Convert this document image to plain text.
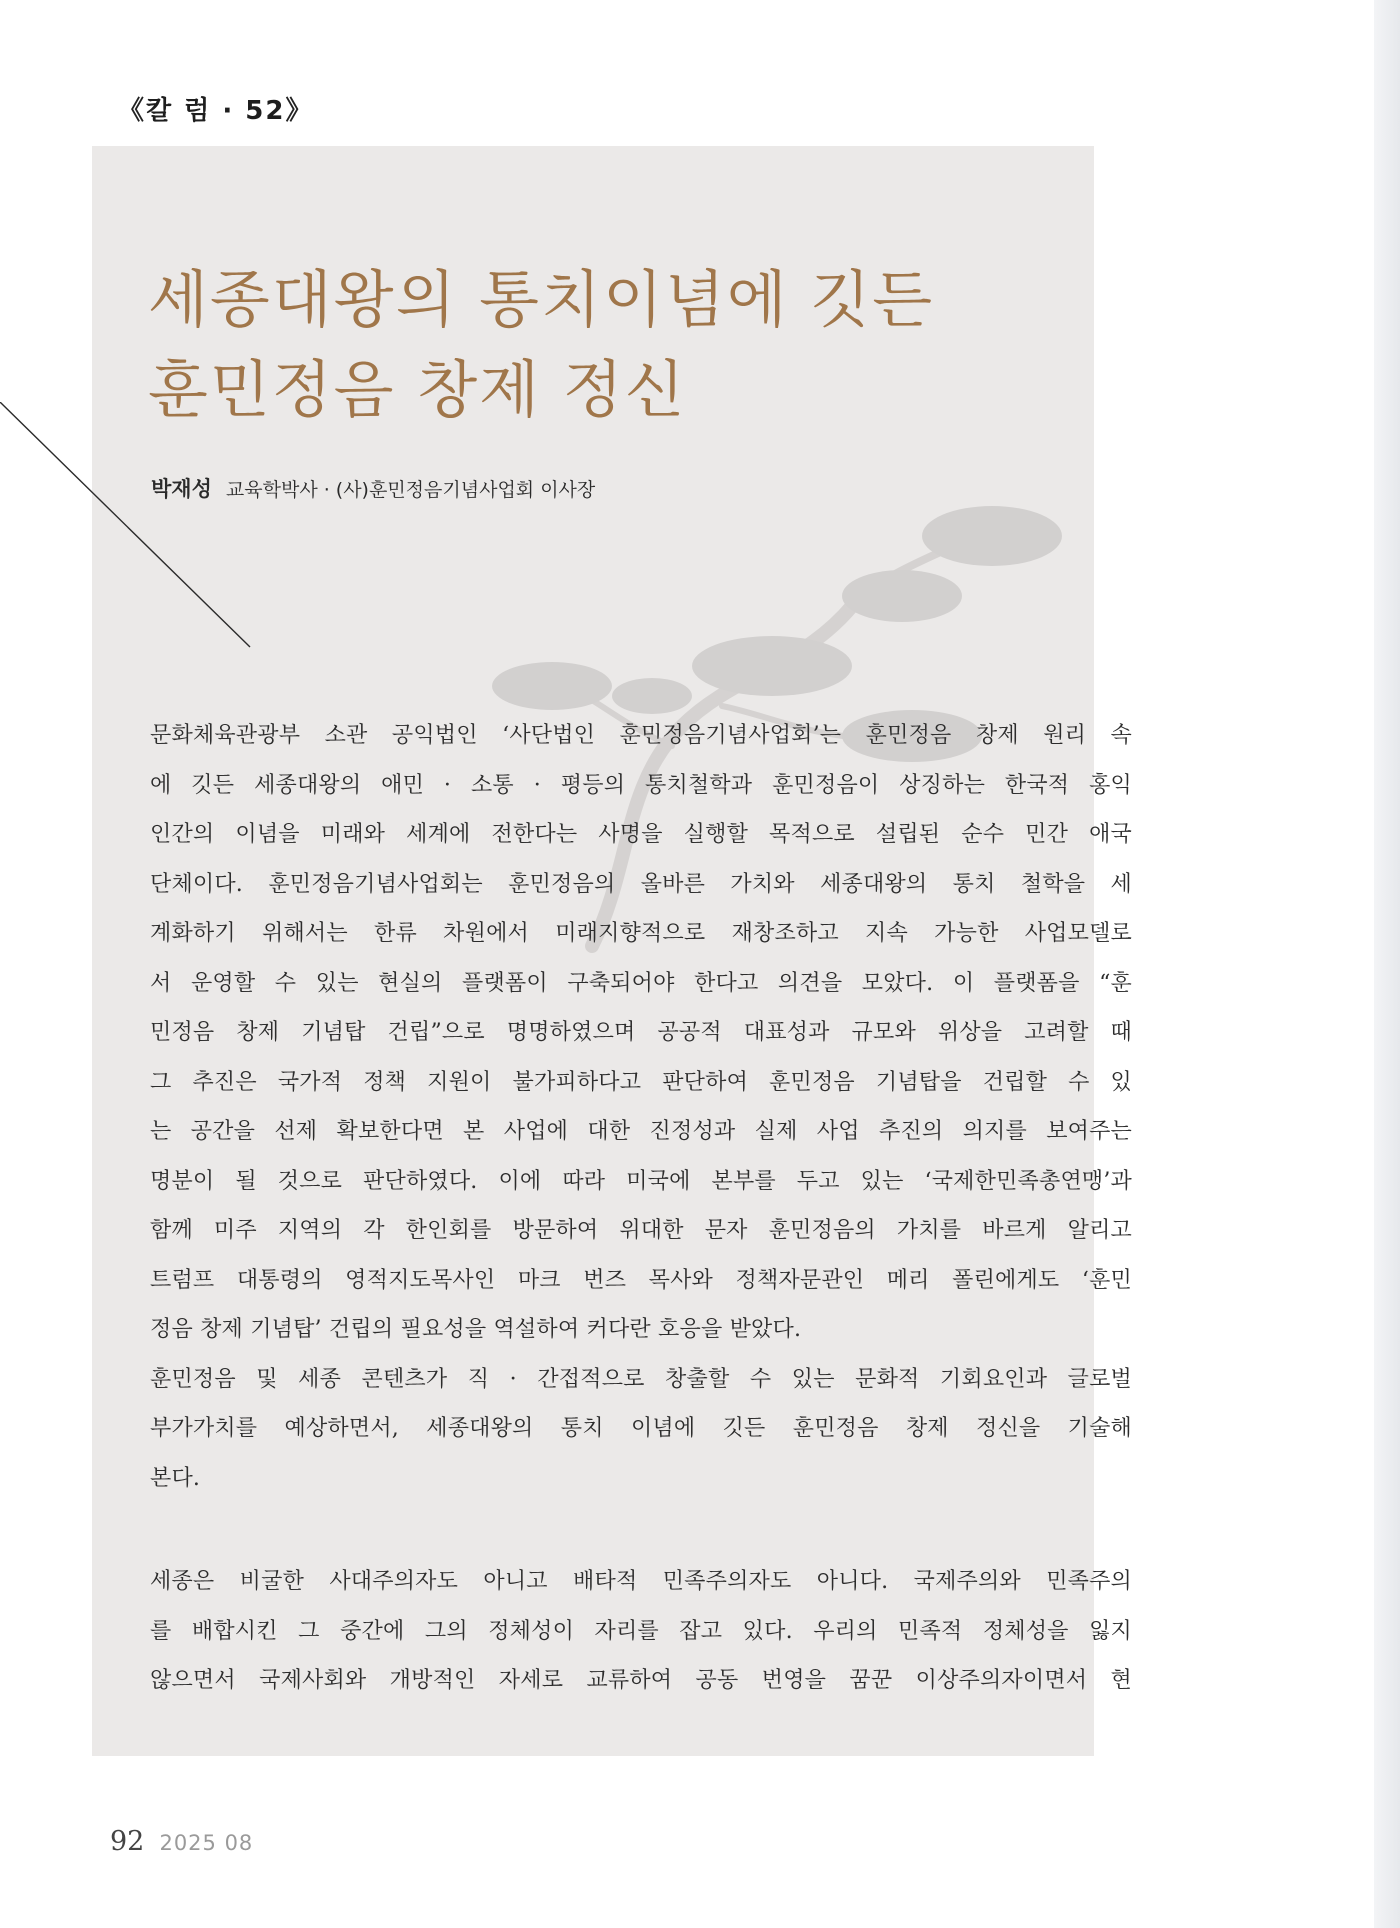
《칼 럼 · 52》
세종대왕의 통치이념에 깃든
훈민정음 창제 정신
박재성 교육학박사 · (사)훈민정음기념사업회 이사장
문화체육관광부 소관 공익법인 ‘사단법인 훈민정음기념사업회’는 훈민정음 창제 원리 속
에 깃든 세종대왕의 애민 · 소통 · 평등의 통치철학과 훈민정음이 상징하는 한국적 홍익
인간의 이념을 미래와 세계에 전한다는 사명을 실행할 목적으로 설립된 순수 민간 애국
단체이다. 훈민정음기념사업회는 훈민정음의 올바른 가치와 세종대왕의 통치 철학을 세
계화하기 위해서는 한류 차원에서 미래지향적으로 재창조하고 지속 가능한 사업모델로
서 운영할 수 있는 현실의 플랫폼이 구축되어야 한다고 의견을 모았다. 이 플랫폼을 “훈
민정음 창제 기념탑 건립”으로 명명하였으며 공공적 대표성과 규모와 위상을 고려할 때
그 추진은 국가적 정책 지원이 불가피하다고 판단하여 훈민정음 기념탑을 건립할 수 있
는 공간을 선제 확보한다면 본 사업에 대한 진정성과 실제 사업 추진의 의지를 보여주는
명분이 될 것으로 판단하였다. 이에 따라 미국에 본부를 두고 있는 ‘국제한민족총연맹’과
함께 미주 지역의 각 한인회를 방문하여 위대한 문자 훈민정음의 가치를 바르게 알리고
트럼프 대통령의 영적지도목사인 마크 번즈 목사와 정책자문관인 메리 폴린에게도 ‘훈민
정음 창제 기념탑’ 건립의 필요성을 역설하여 커다란 호응을 받았다.
훈민정음 및 세종 콘텐츠가 직 · 간접적으로 창출할 수 있는 문화적 기회요인과 글로벌
부가가치를 예상하면서, 세종대왕의 통치 이념에 깃든 훈민정음 창제 정신을 기술해
본다.
세종은 비굴한 사대주의자도 아니고 배타적 민족주의자도 아니다. 국제주의와 민족주의
를 배합시킨 그 중간에 그의 정체성이 자리를 잡고 있다. 우리의 민족적 정체성을 잃지
않으면서 국제사회와 개방적인 자세로 교류하여 공동 번영을 꿈꾼 이상주의자이면서 현
92 2025 08
